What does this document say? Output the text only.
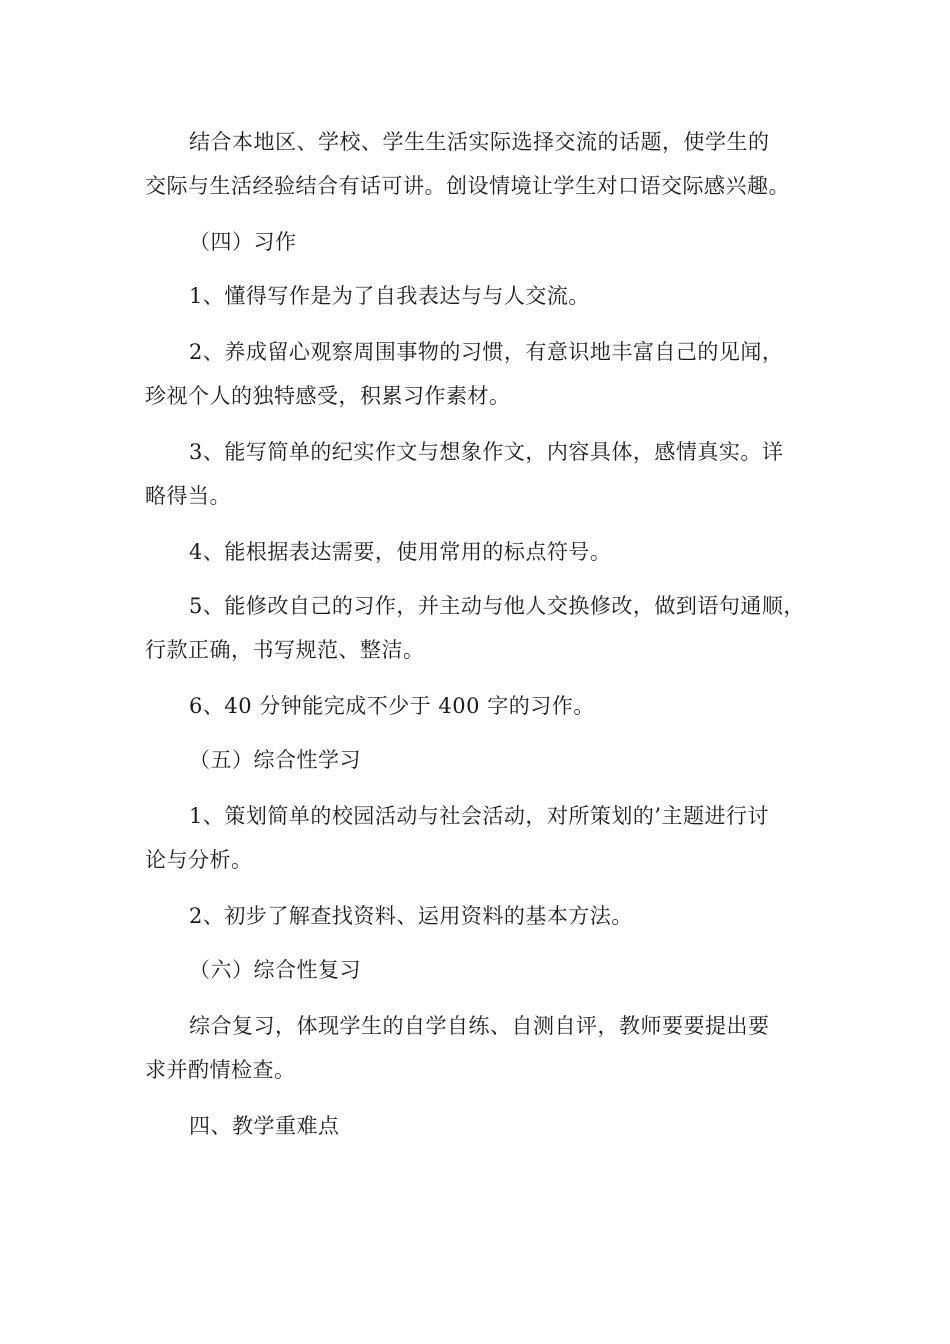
结合本地区、学校、学生生活实际选择交流的话题，使学生的
交际与生活经验结合有话可讲。创设情境让学生对口语交际感兴趣。

（四）习作

1、懂得写作是为了自我表达与与人交流。

2、养成留心观察周围事物的习惯，有意识地丰富自己的见闻，
珍视个人的独特感受，积累习作素材。

3、能写简单的纪实作文与想象作文，内容具体，感情真实。详
略得当。

4、能根据表达需要，使用常用的标点符号。

5、能修改自己的习作，并主动与他人交换修改，做到语句通顺，
行款正确，书写规范、整洁。

6、40 分钟能完成不少于 400 字的习作。

（五）综合性学习

1、策划简单的校园活动与社会活动，对所策划的’主题进行讨
论与分析。

2、初步了解查找资料、运用资料的基本方法。

（六）综合性复习

综合复习，体现学生的自学自练、自测自评，教师要要提出要
求并酌情检查。

四、教学重难点
